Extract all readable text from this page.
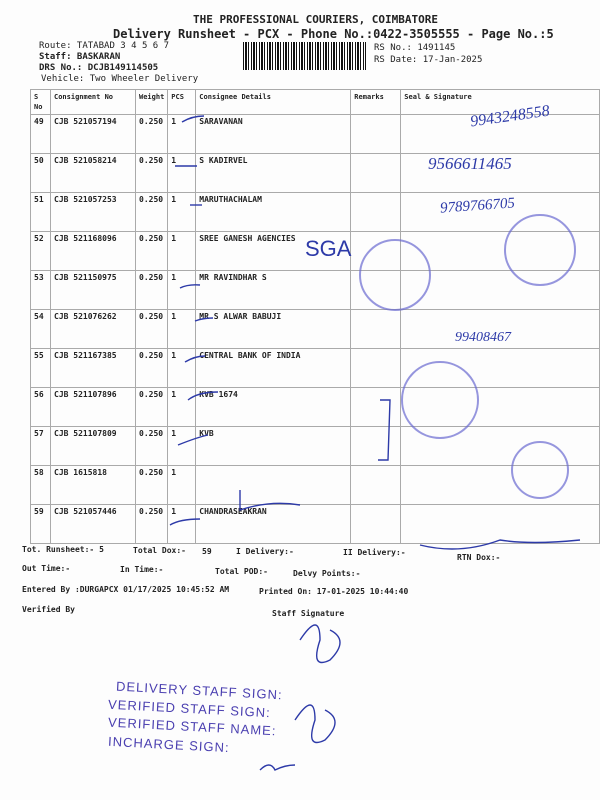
THE PROFESSIONAL COURIERS, COIMBATORE
Delivery Runsheet - PCX - Phone No.:0422-3505555 - Page No.:5
Route: TATABAD 3 4 5 6 7
Staff: BASKARAN
DRS No.: DCJB149114505
Vehicle: Two Wheeler Delivery
RS No.: 1491145
RS Date: 17-Jan-2025
S No	Consignment No	Weight	PCS	Consignee Details	Remarks	Seal & Signature
49	CJB 521057194	0.250	1	SARAVANAN		
50	CJB 521058214	0.250	1	S KADIRVEL		
51	CJB 521057253	0.250	1	MARUTHACHALAM		
52	CJB 521168096	0.250	1	SREE GANESH AGENCIES		
53	CJB 521150975	0.250	1	MR RAVINDHAR S		
54	CJB 521076262	0.250	1	MR S ALWAR BABUJI		
55	CJB 521167385	0.250	1	CENTRAL BANK OF INDIA		
56	CJB 521107896	0.250	1	KVB 1674		
57	CJB 521107809	0.250	1	KVB		
58	CJB 1615818	0.250	1			
59	CJB 521057446	0.250	1	CHANDRASEAKRAN		
Tot. Runsheet:- 5	Total Dox:- 59	I Delivery:-	II Delivery:-
RTN Dox:-
Out Time:-	In Time:-	Total POD:-	Delvy Points:-
Entered By :DURGAPCX 01/17/2025 10:45:52 AM	Printed On: 17-01-2025 10:44:40
Verified By	Staff Signature
DELIVERY STAFF SIGN:
VERIFIED STAFF SIGN:
VERIFIED STAFF NAME:
INCHARGE SIGN:
SGA
9943248558
9566611465
9789766705
99408467
